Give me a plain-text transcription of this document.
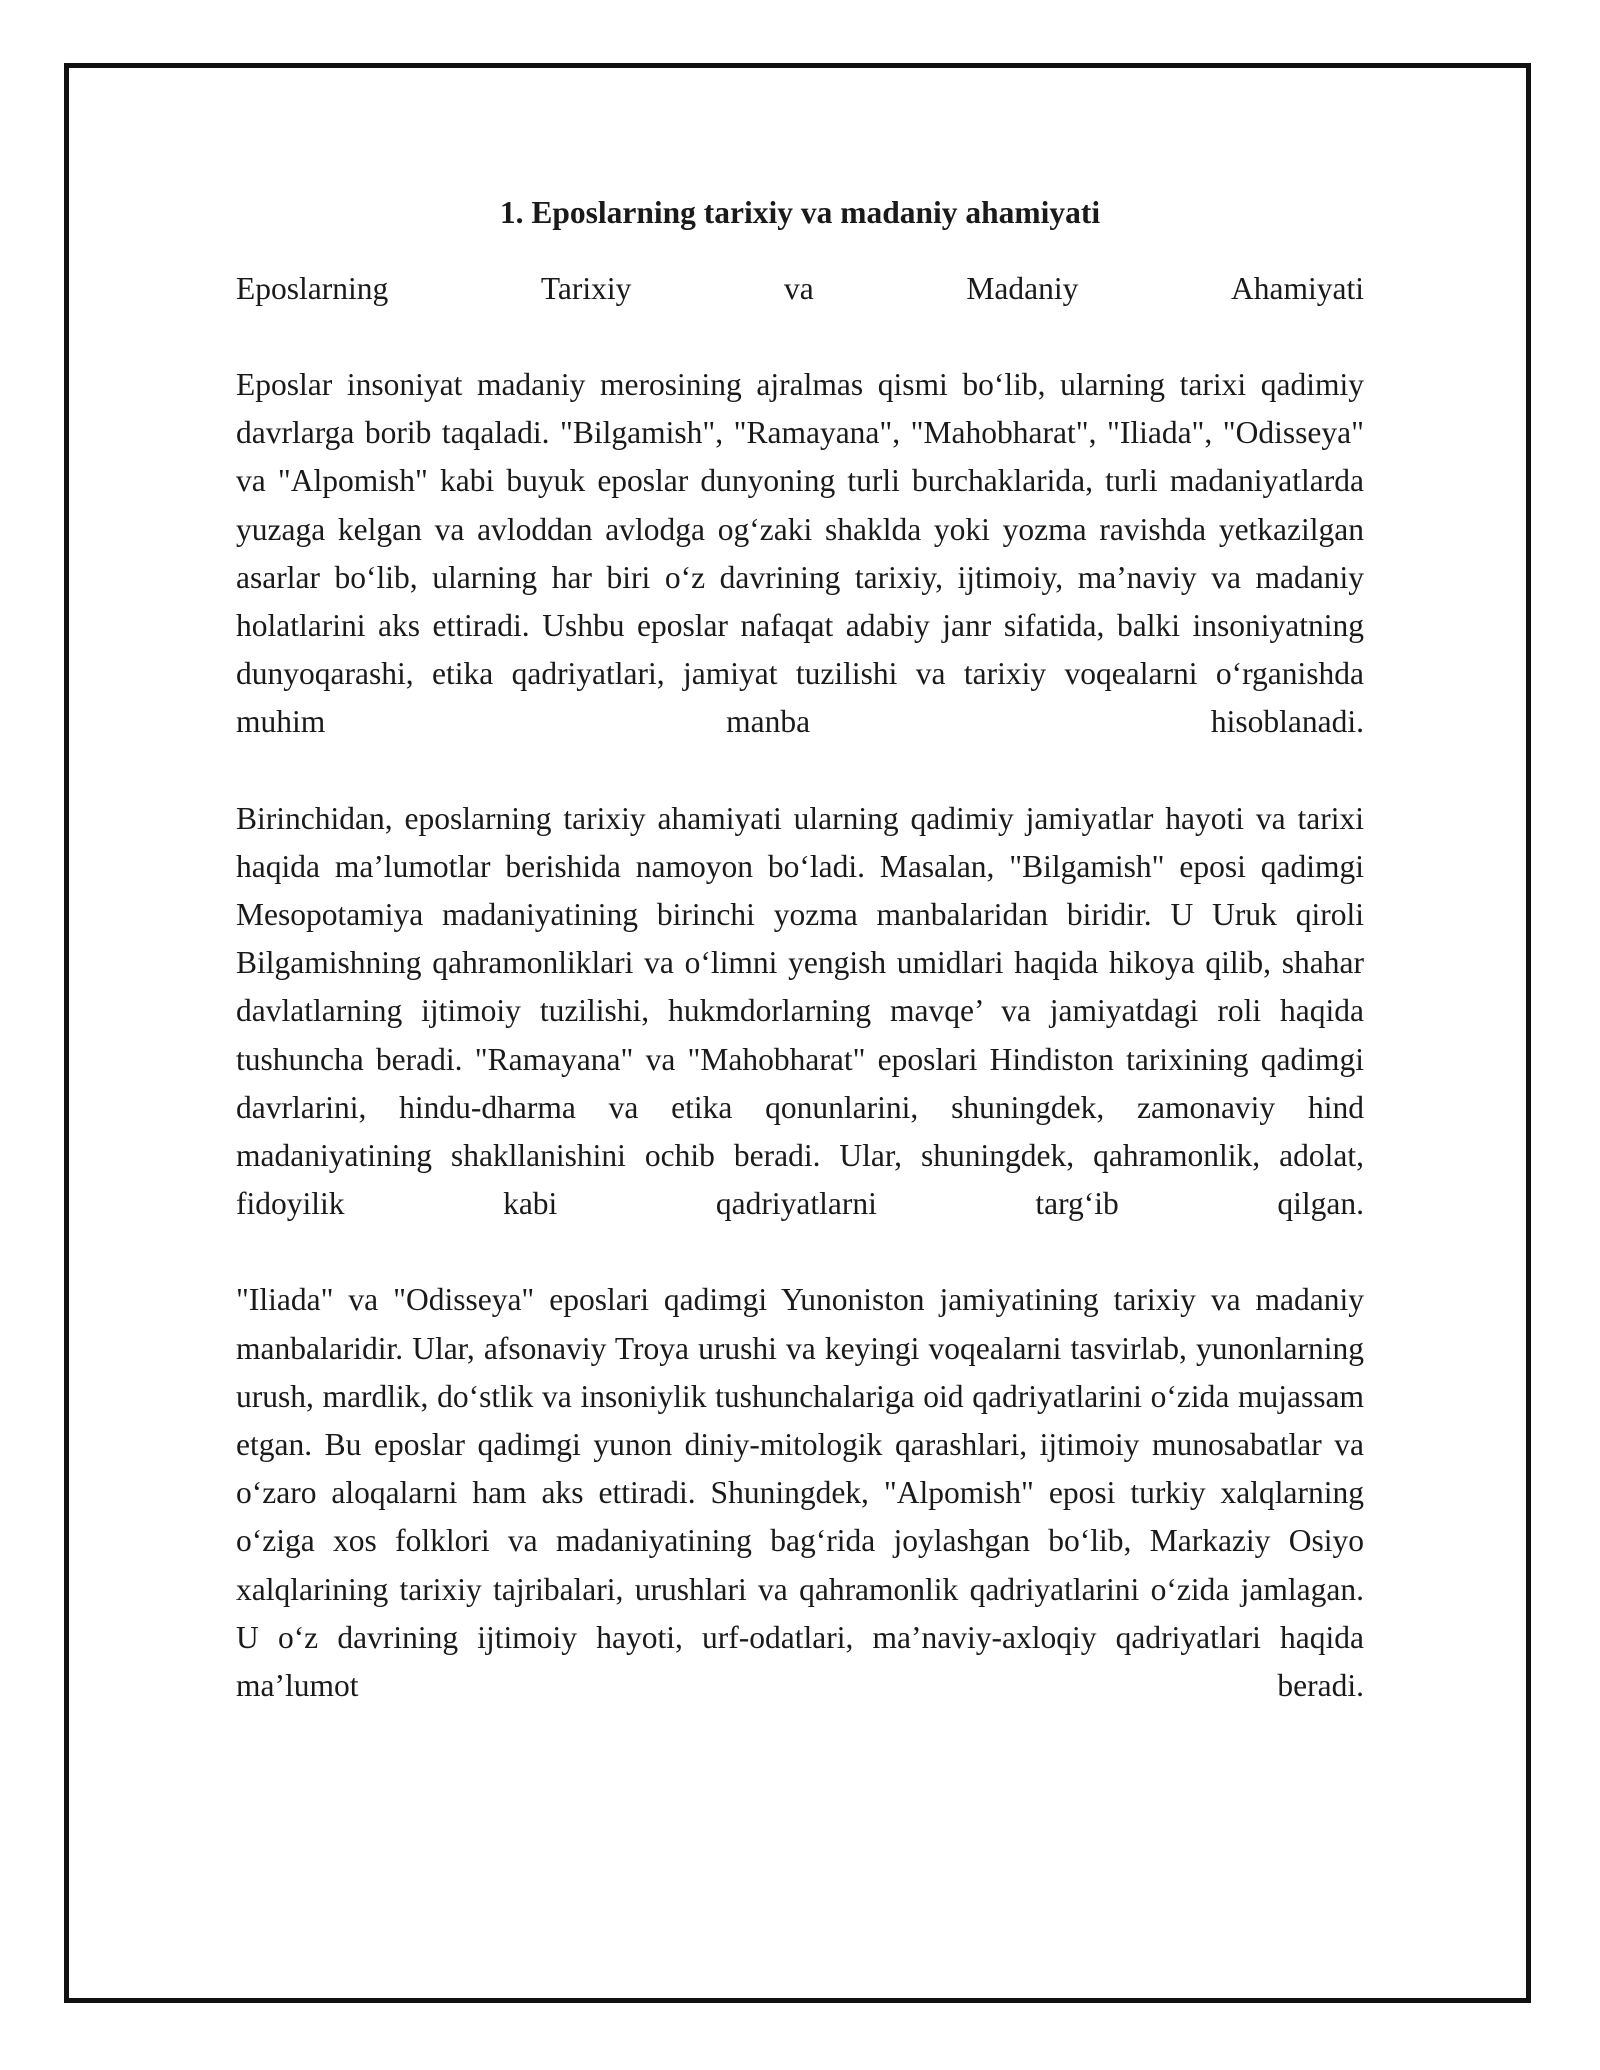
1. Eposlarning tarixiy va madaniy ahamiyati
Eposlarning	Tarixiy	va	Madaniy	Ahamiyati

Eposlar insoniyat madaniy merosining ajralmas qismi bo‘lib, ularning tarixi qadimiy davrlarga borib taqaladi. "Bilgamish", "Ramayana", "Mahobharat", "Iliada", "Odisseya" va "Alpomish" kabi buyuk eposlar dunyoning turli burchaklarida, turli madaniyatlarda yuzaga kelgan va avloddan avlodga og‘zaki shaklda yoki yozma ravishda yetkazilgan asarlar bo‘lib, ularning har biri o‘z davrining tarixiy, ijtimoiy, ma’naviy va madaniy holatlarini aks ettiradi. Ushbu eposlar nafaqat adabiy janr sifatida, balki insoniyatning dunyoqarashi, etika qadriyatlari, jamiyat tuzilishi va tarixiy voqealarni o‘rganishda muhim manba hisoblanadi.

Birinchidan, eposlarning tarixiy ahamiyati ularning qadimiy jamiyatlar hayoti va tarixi haqida ma’lumotlar berishida namoyon bo‘ladi. Masalan, "Bilgamish" eposi qadimgi Mesopotamiya madaniyatining birinchi yozma manbalaridan biridir. U Uruk qiroli Bilgamishning qahramonliklari va o‘limni yengish umidlari haqida hikoya qilib, shahar davlatlarning ijtimoiy tuzilishi, hukmdorlarning mavqe’ va jamiyatdagi roli haqida tushuncha beradi. "Ramayana" va "Mahobharat" eposlari Hindiston tarixining qadimgi davrlarini, hindu-dharma va etika qonunlarini, shuningdek, zamonaviy hind madaniyatining shakllanishini ochib beradi. Ular, shuningdek, qahramonlik, adolat, fidoyilik kabi qadriyatlarni targ‘ib qilgan.

"Iliada" va "Odisseya" eposlari qadimgi Yunoniston jamiyatining tarixiy va madaniy manbalaridir. Ular, afsonaviy Troya urushi va keyingi voqealarni tasvirlab, yunonlarning urush, mardlik, do‘stlik va insoniylik tushunchalariga oid qadriyatlarini o‘zida mujassam etgan. Bu eposlar qadimgi yunon diniy-mitologik qarashlari, ijtimoiy munosabatlar va o‘zaro aloqalarni ham aks ettiradi. Shuningdek, "Alpomish" eposi turkiy xalqlarning o‘ziga xos folklori va madaniyatining bag‘rida joylashgan bo‘lib, Markaziy Osiyo xalqlarining tarixiy tajribalari, urushlari va qahramonlik qadriyatlarini o‘zida jamlagan. U o‘z davrining ijtimoiy hayoti, urf-odatlari, ma’naviy-axloqiy qadriyatlari haqida ma’lumot beradi.
